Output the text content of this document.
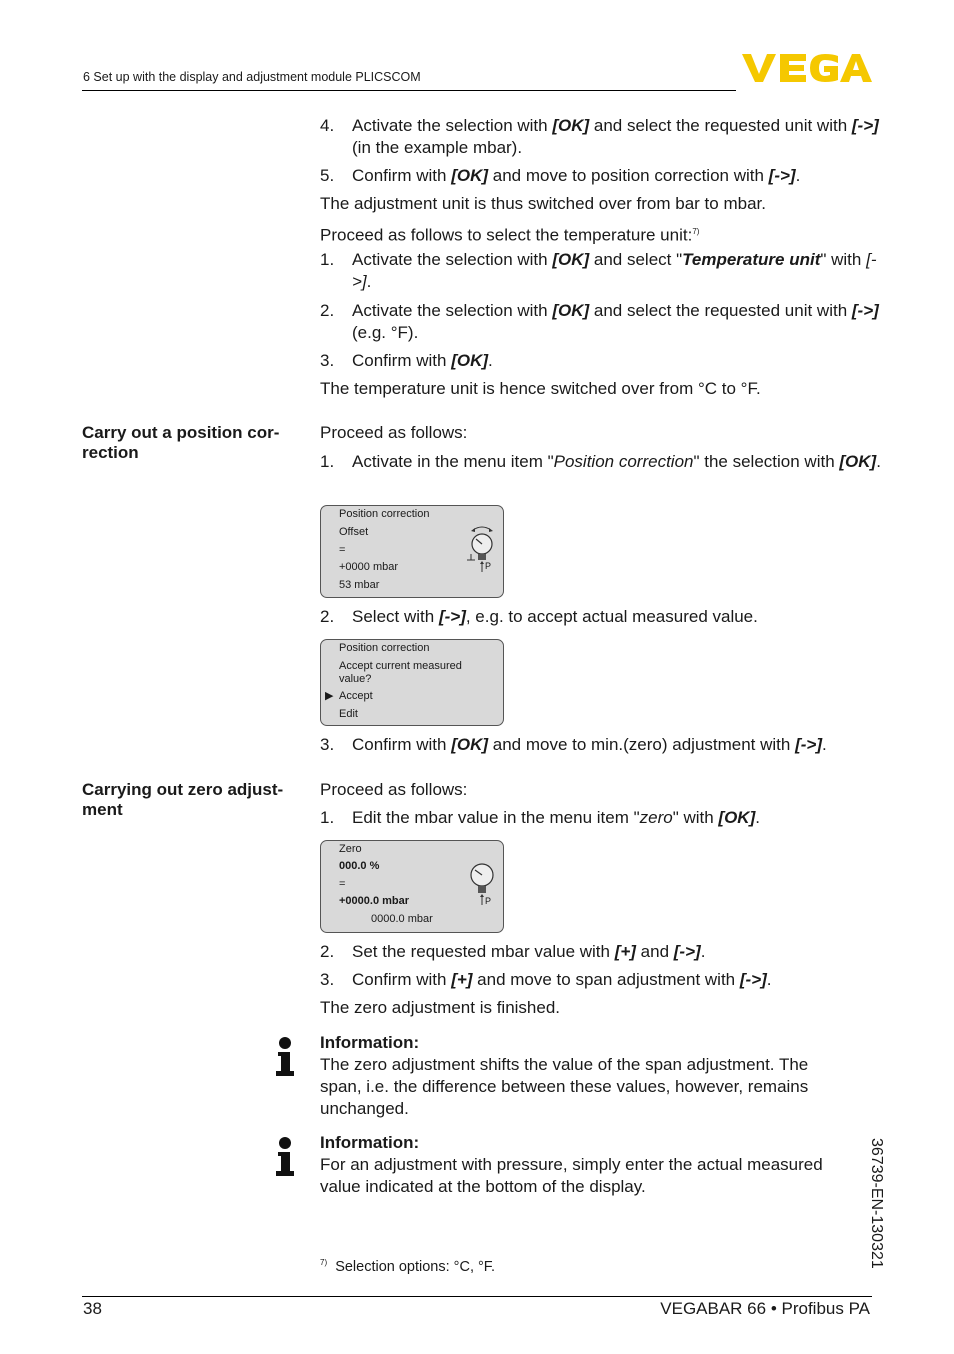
6 Set up with the display and adjustment module PLICSCOM
4. Activate the selection with [OK] and select the requested unit with [->] (in the example mbar).
5. Confirm with [OK] and move to position correction with [->].
The adjustment unit is thus switched over from bar to mbar.
Proceed as follows to select the temperature unit:$^{7)}$
1. Activate the selection with [OK] and select "Temperature unit" with [->].
2. Activate the selection with [OK] and select the requested unit with [->] (e.g. °F).
3. Confirm with [OK].
The temperature unit is hence switched over from °C to °F.
Carry out a position cor-rection
Proceed as follows:
1. Activate in the menu item "Position correction" the selection with [OK].
Position correction
Offset
=
+0000 mbar
53 mbar
P
2. Select with [->], e.g. to accept actual measured value.
Position correction
Accept current measured value?
▶ Accept
Edit
3. Confirm with [OK] and move to min.(zero) adjustment with [->].
Carrying out zero adjust-ment
Proceed as follows:
1. Edit the mbar value in the menu item "zero" with [OK].
Zero
000.0 %
=
+0000.0 mbar
0000.0 mbar
P
2. Set the requested mbar value with [+] and [->].
3. Confirm with [+] and move to span adjustment with [->].
The zero adjustment is finished.
Information:
The zero adjustment shifts the value of the span adjustment. The span, i.e. the difference between these values, however, remains unchanged.
Information:
For an adjustment with pressure, simply enter the actual measured value indicated at the bottom of the display.
$^{7)}$ Selection options: °C, °F.	36739-EN-130321
38	VEGABAR 66 • Profibus PA
